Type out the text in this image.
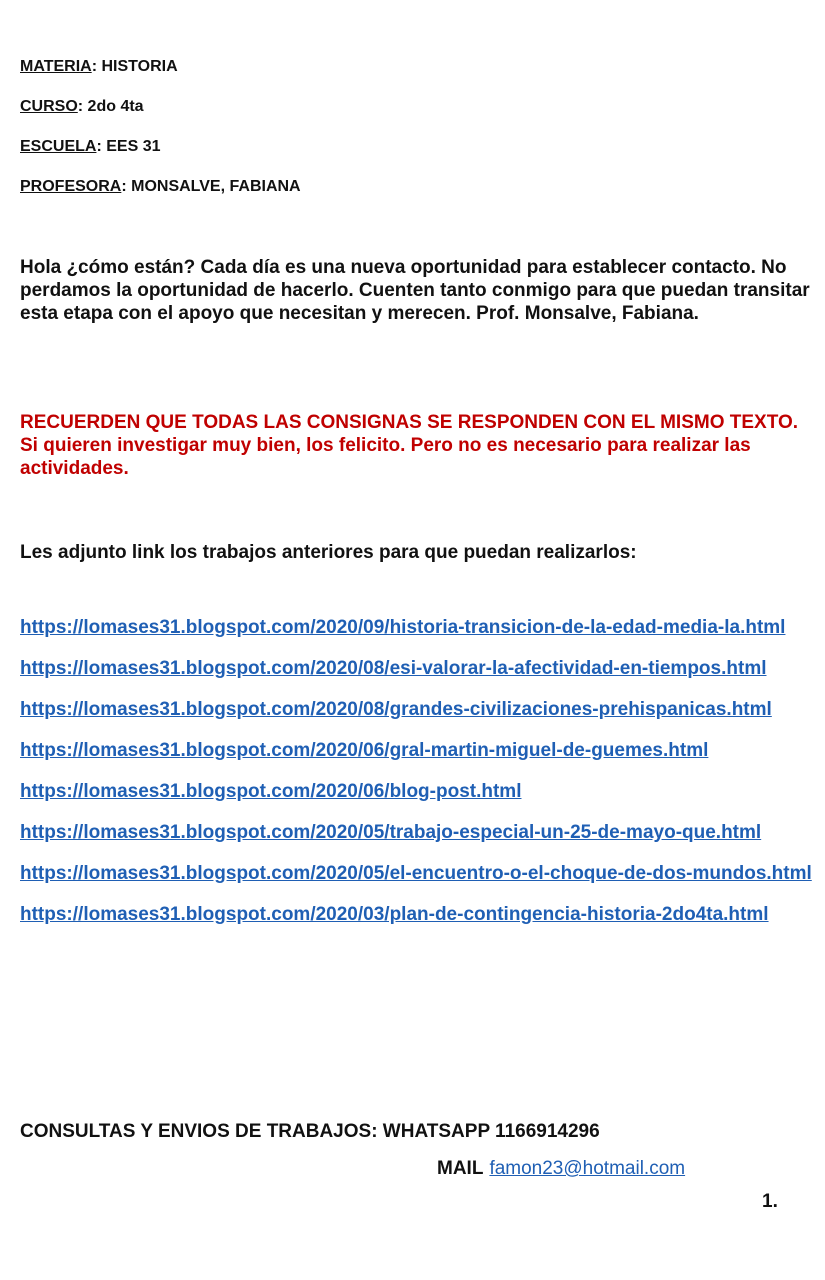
MATERIA: HISTORIA
CURSO: 2do 4ta
ESCUELA: EES 31
PROFESORA: MONSALVE, FABIANA

Hola ¿cómo están? Cada día es una nueva oportunidad para establecer contacto. No perdamos la oportunidad de hacerlo. Cuenten tanto conmigo para que puedan transitar esta etapa con el apoyo que necesitan y merecen. Prof. Monsalve, Fabiana.

RECUERDEN QUE TODAS LAS CONSIGNAS SE RESPONDEN CON EL MISMO TEXTO. Si quieren investigar muy bien, los felicito. Pero no es necesario para realizar las actividades.

Les adjunto link los trabajos anteriores para que puedan realizarlos:

https://lomases31.blogspot.com/2020/09/historia-transicion-de-la-edad-media-la.html
https://lomases31.blogspot.com/2020/08/esi-valorar-la-afectividad-en-tiempos.html
https://lomases31.blogspot.com/2020/08/grandes-civilizaciones-prehispanicas.html
https://lomases31.blogspot.com/2020/06/gral-martin-miguel-de-guemes.html
https://lomases31.blogspot.com/2020/06/blog-post.html
https://lomases31.blogspot.com/2020/05/trabajo-especial-un-25-de-mayo-que.html
https://lomases31.blogspot.com/2020/05/el-encuentro-o-el-choque-de-dos-mundos.html
https://lomases31.blogspot.com/2020/03/plan-de-contingencia-historia-2do4ta.html
CONSULTAS Y ENVIOS DE TRABAJOS: WHATSAPP 1166914296
MAIL famon23@hotmail.com
1.
